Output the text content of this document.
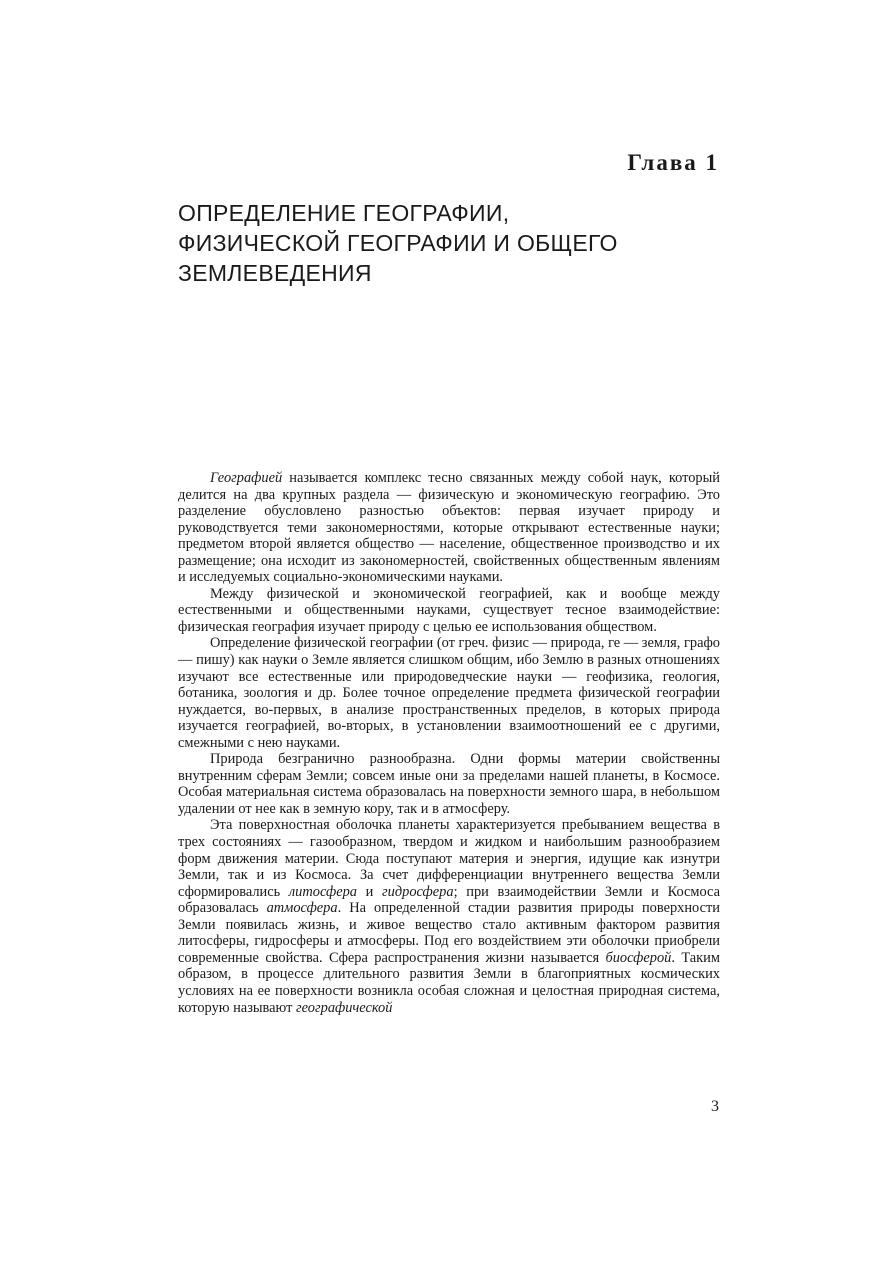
Глава 1
ОПРЕДЕЛЕНИЕ ГЕОГРАФИИ,
ФИЗИЧЕСКОЙ ГЕОГРАФИИ И ОБЩЕГО
ЗЕМЛЕВЕДЕНИЯ

Географией называется комплекс тесно связанных между собой наук, который делится на два крупных раздела — физическую и экономическую географию. Это разделение обусловлено разностью объектов: первая изучает природу и руководствуется теми закономерностями, которые открывают естественные науки; предметом второй является общество — население, общественное производство и их размещение; она исходит из закономерностей, свойственных общественным явлениям и исследуемых социально-экономическими науками.

Между физической и экономической географией, как и вообще между естественными и общественными науками, существует тесное взаимодействие: физическая география изучает природу с целью ее использования обществом.

Определение физической географии (от греч. физис — природа, ге — земля, графо — пишу) как науки о Земле является слишком общим, ибо Землю в разных отношениях изучают все естественные или природоведческие науки — геофизика, геология, ботаника, зоология и др. Более точное определение предмета физической географии нуждается, во-первых, в анализе пространственных пределов, в которых природа изучается географией, во-вторых, в установлении взаимоотношений ее с другими, смежными с нею науками.

Природа безгранично разнообразна. Одни формы материи свойственны внутренним сферам Земли; совсем иные они за пределами нашей планеты, в Космосе. Особая материальная система образовалась на поверхности земного шара, в небольшом удалении от нее как в земную кору, так и в атмосферу.

Эта поверхностная оболочка планеты характеризуется пребыванием вещества в трех состояниях — газообразном, твердом и жидком и наибольшим разнообразием форм движения материи. Сюда поступают материя и энергия, идущие как изнутри Земли, так и из Космоса. За счет дифференциации внутреннего вещества Земли сформировались литосфера и гидросфера; при взаимодействии Земли и Космоса образовалась атмосфера. На определенной стадии развития природы поверхности Земли появилась жизнь, и живое вещество стало активным фактором развития литосферы, гидросферы и атмосферы. Под его воздействием эти оболочки приобрели современные свойства. Сфера распространения жизни называется биосферой. Таким образом, в процессе длительного развития Земли в благоприятных космических условиях на ее поверхности возникла особая сложная и целостная природная система, которую называют географической

3
